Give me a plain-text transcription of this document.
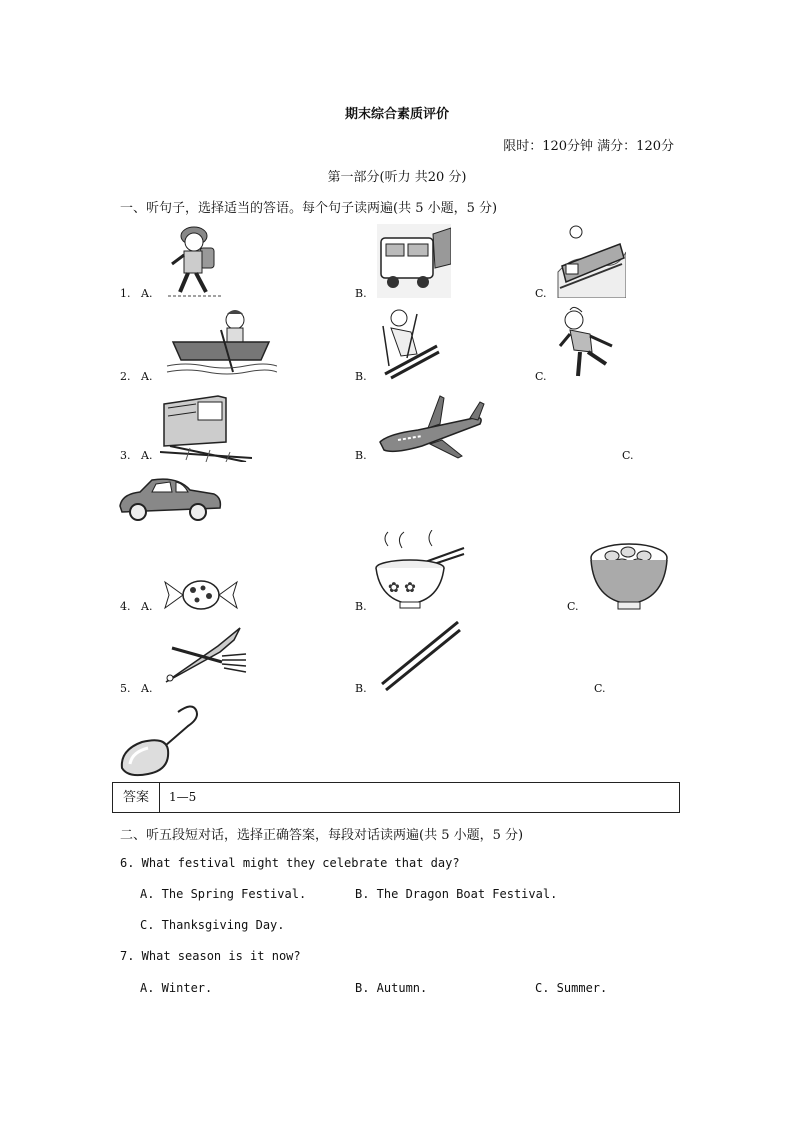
期末综合素质评价
限时：120分钟 满分：120分
第一部分(听力 共20 分)
一、听句子，选择适当的答语。每个句子读两遍(共 5 小题，5 分)
1. A.	B.	C.
2. A.	B.	C.
3. A.	B.	C.
4. A.	B.	C.
✿ ✿
5. A.	B.	C.
答案	1—5
二、听五段短对话，选择正确答案，每段对话读两遍(共 5 小题，5 分)
6. What festival might they celebrate that day?
A. The Spring Festival.	B. The Dragon Boat Festival.
C. Thanksgiving Day.
7. What season is it now?
A. Winter.	B. Autumn.	C. Summer.
